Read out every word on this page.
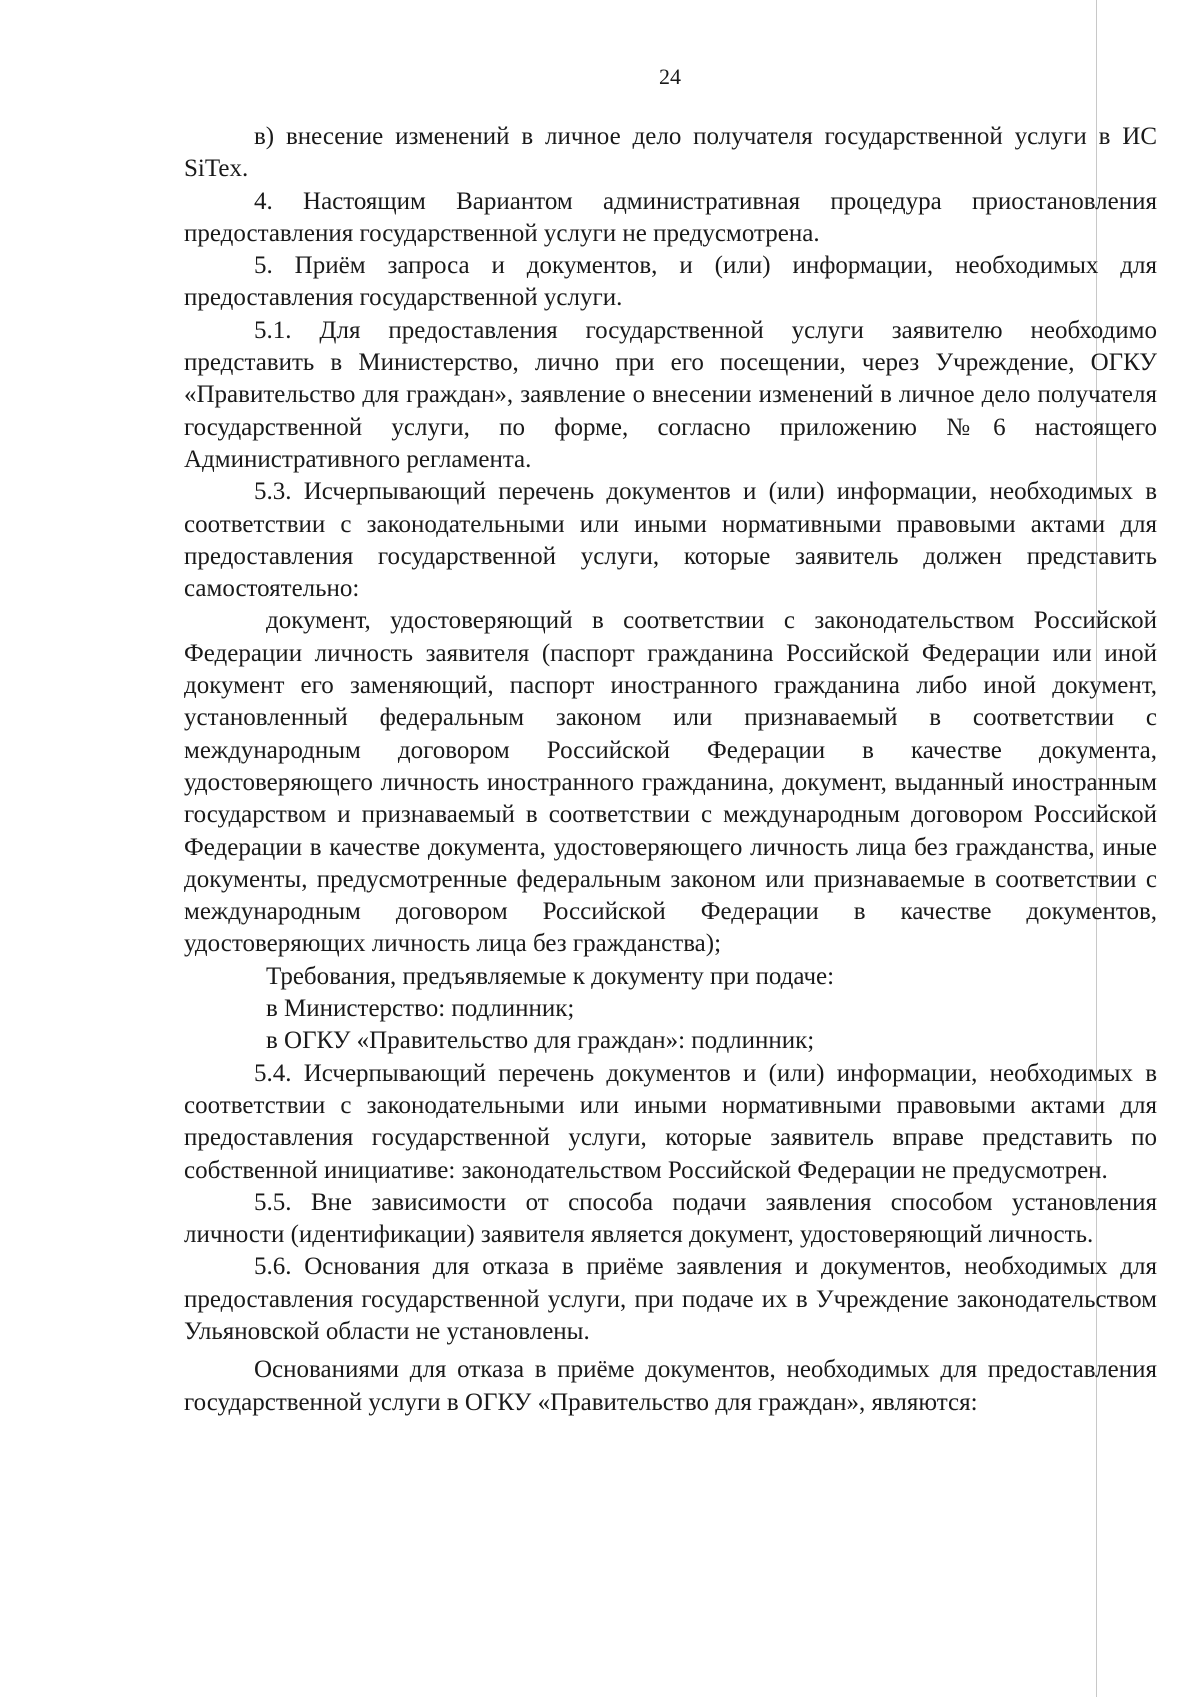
24

в) внесение изменений в личное дело получателя государственной услуги в ИС SiTex.

4. Настоящим Вариантом административная процедура приостановления предоставления государственной услуги не предусмотрена.

5. Приём запроса и документов, и (или) информации, необходимых для предоставления государственной услуги.

5.1. Для предоставления государственной услуги заявителю необходимо представить в Министерство, лично при его посещении, через Учреждение, ОГКУ «Правительство для граждан», заявление о внесении изменений в личное дело получателя государственной услуги, по форме, согласно приложению №6 настоящего Административного регламента.

5.3. Исчерпывающий перечень документов и (или) информации, необходимых в соответствии с законодательными или иными нормативными правовыми актами для предоставления государственной услуги, которые заявитель должен представить самостоятельно:

документ, удостоверяющий в соответствии с законодательством Российской Федерации личность заявителя (паспорт гражданина Российской Федерации или иной документ его заменяющий, паспорт иностранного гражданина либо иной документ, установленный федеральным законом или признаваемый в соответствии с международным договором Российской Федерации в качестве документа, удостоверяющего личность иностранного гражданина, документ, выданный иностранным государством и признаваемый в соответствии с международным договором Российской Федерации в качестве документа, удостоверяющего личность лица без гражданства, иные документы, предусмотренные федеральным законом или признаваемые в соответствии с международным договором Российской Федерации в качестве документов, удостоверяющих личность лица без гражданства);

Требования, предъявляемые к документу при подаче:

в Министерство: подлинник;

в ОГКУ «Правительство для граждан»: подлинник;

5.4. Исчерпывающий перечень документов и (или) информации, необходимых в соответствии с законодательными или иными нормативными правовыми актами для предоставления государственной услуги, которые заявитель вправе представить по собственной инициативе: законодательством Российской Федерации не предусмотрен.

5.5. Вне зависимости от способа подачи заявления способом установления личности (идентификации) заявителя является документ, удостоверяющий личность.

5.6. Основания для отказа в приёме заявления и документов, необходимых для предоставления государственной услуги, при подаче их в Учреждение законодательством Ульяновской области не установлены.

Основаниями для отказа в приёме документов, необходимых для предоставления государственной услуги в ОГКУ «Правительство для граждан», являются:
